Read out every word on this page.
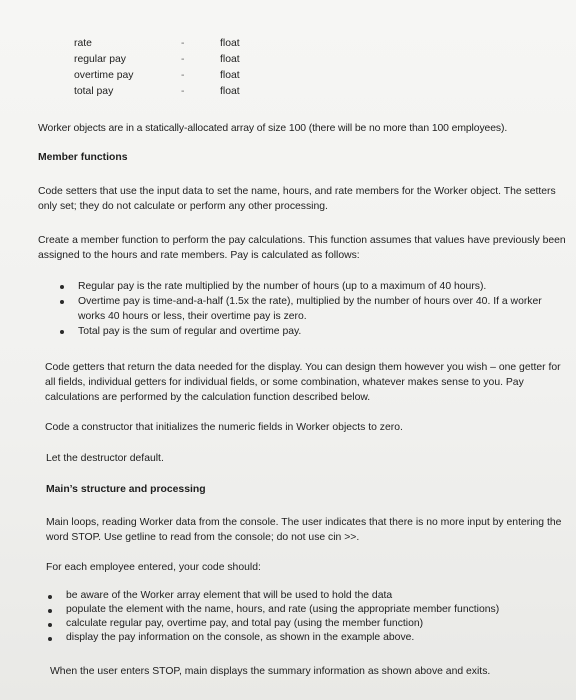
rate	-	float
regular pay	-	float
overtime pay	-	float
total pay	-	float

Worker objects are in a statically-allocated array of size 100 (there will be no more than 100 employees).

Member functions

Code setters that use the input data to set the name, hours, and rate members for the Worker object. The setters only set; they do not calculate or perform any other processing.

Create a member function to perform the pay calculations. This function assumes that values have previously been assigned to the hours and rate members. Pay is calculated as follows:

Regular pay is the rate multiplied by the number of hours (up to a maximum of 40 hours).
Overtime pay is time-and-a-half (1.5x the rate), multiplied by the number of hours over 40. If a worker works 40 hours or less, their overtime pay is zero.
Total pay is the sum of regular and overtime pay.

Code getters that return the data needed for the display. You can design them however you wish – one getter for all fields, individual getters for individual fields, or some combination, whatever makes sense to you. Pay calculations are performed by the calculation function described below.

Code a constructor that initializes the numeric fields in Worker objects to zero.

Let the destructor default.

Main’s structure and processing

Main loops, reading Worker data from the console. The user indicates that there is no more input by entering the word STOP. Use getline to read from the console; do not use cin >>.

For each employee entered, your code should:

be aware of the Worker array element that will be used to hold the data
populate the element with the name, hours, and rate (using the appropriate member functions)
calculate regular pay, overtime pay, and total pay (using the member function)
display the pay information on the console, as shown in the example above.

When the user enters STOP, main displays the summary information as shown above and exits.
